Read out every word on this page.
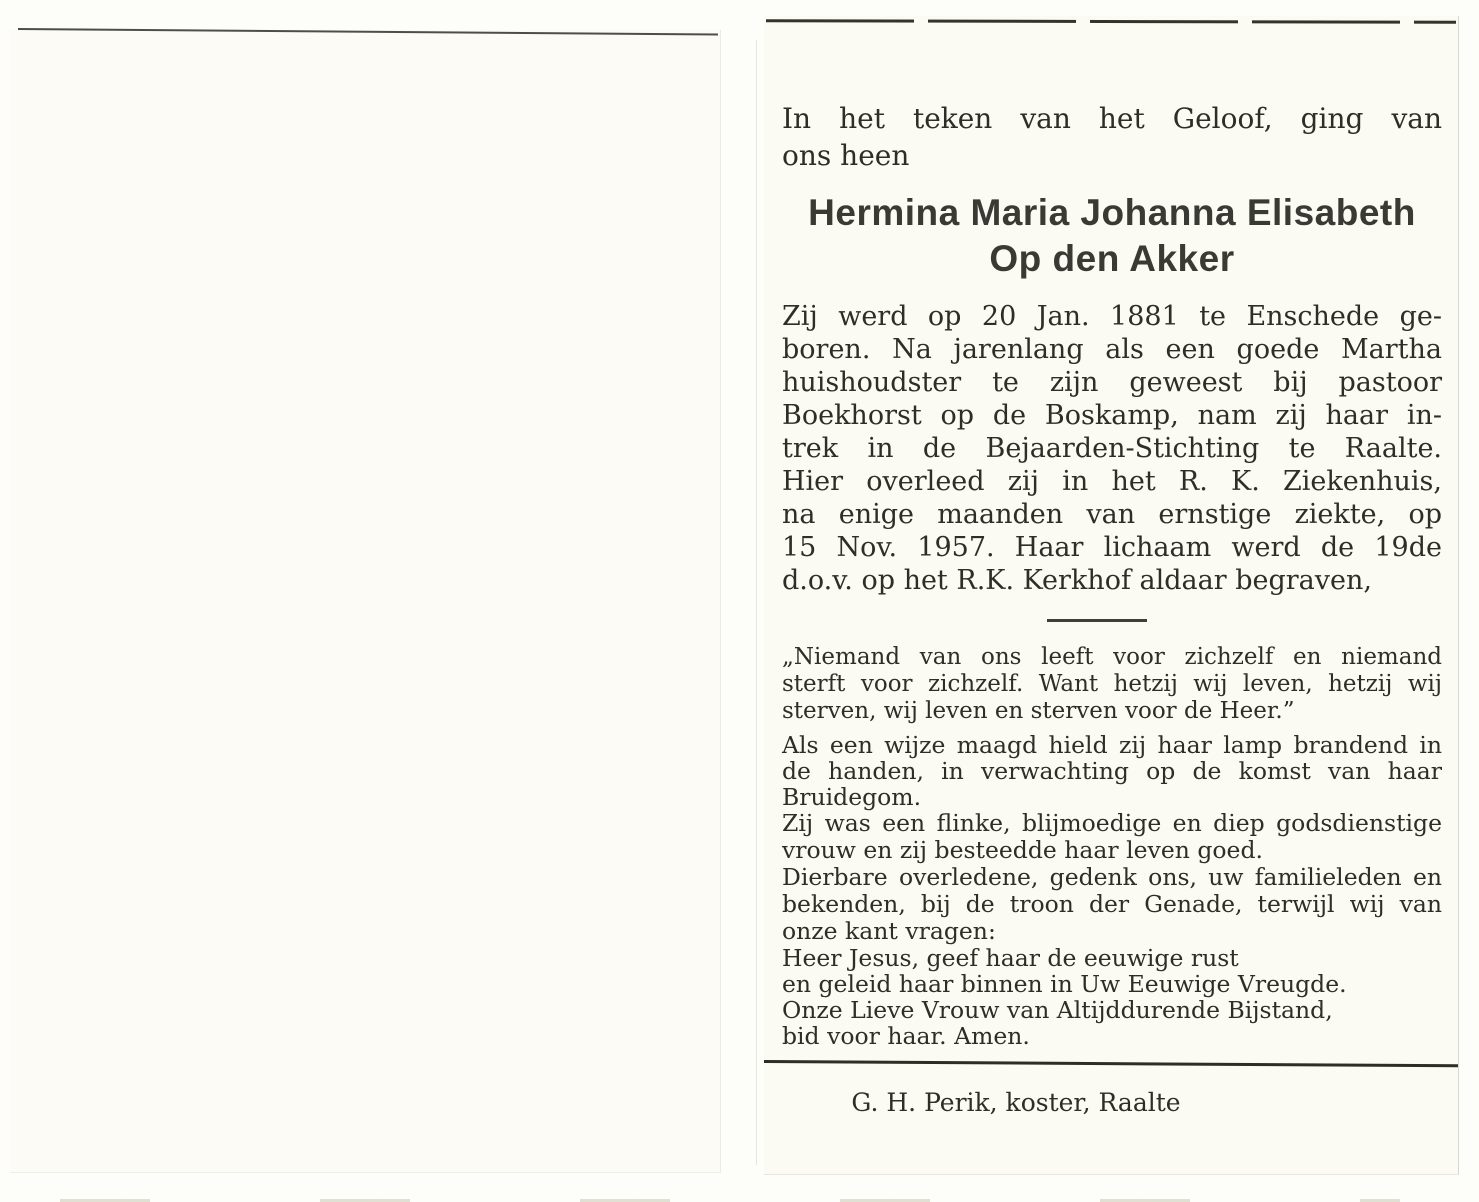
In het teken van het Geloof, ging van
ons heen
Hermina Maria Johanna Elisabeth
Op den Akker
Zij werd op 20 Jan. 1881 te Enschede ge-
boren. Na jarenlang als een goede Martha
huishoudster te zijn geweest bij pastoor
Boekhorst op de Boskamp, nam zij haar in-
trek in de Bejaarden-Stichting te Raalte.
Hier overleed zij in het R. K. Ziekenhuis,
na enige maanden van ernstige ziekte, op
15 Nov. 1957. Haar lichaam werd de 19de
d.o.v. op het R.K. Kerkhof aldaar begraven,
„Niemand van ons leeft voor zichzelf en niemand
sterft voor zichzelf. Want hetzij wij leven, hetzij wij
sterven, wij leven en sterven voor de Heer.”
Als een wijze maagd hield zij haar lamp brandend in
de handen, in verwachting op de komst van haar
Bruidegom.
Zij was een flinke, blijmoedige en diep godsdienstige
vrouw en zij besteedde haar leven goed.
Dierbare overledene, gedenk ons, uw familieleden en
bekenden, bij de troon der Genade, terwijl wij van
onze kant vragen:
Heer Jesus, geef haar de eeuwige rust
en geleid haar binnen in Uw Eeuwige Vreugde.
Onze Lieve Vrouw van Altijddurende Bijstand,
bid voor haar. Amen.
G. H. Perik, koster, Raalte
